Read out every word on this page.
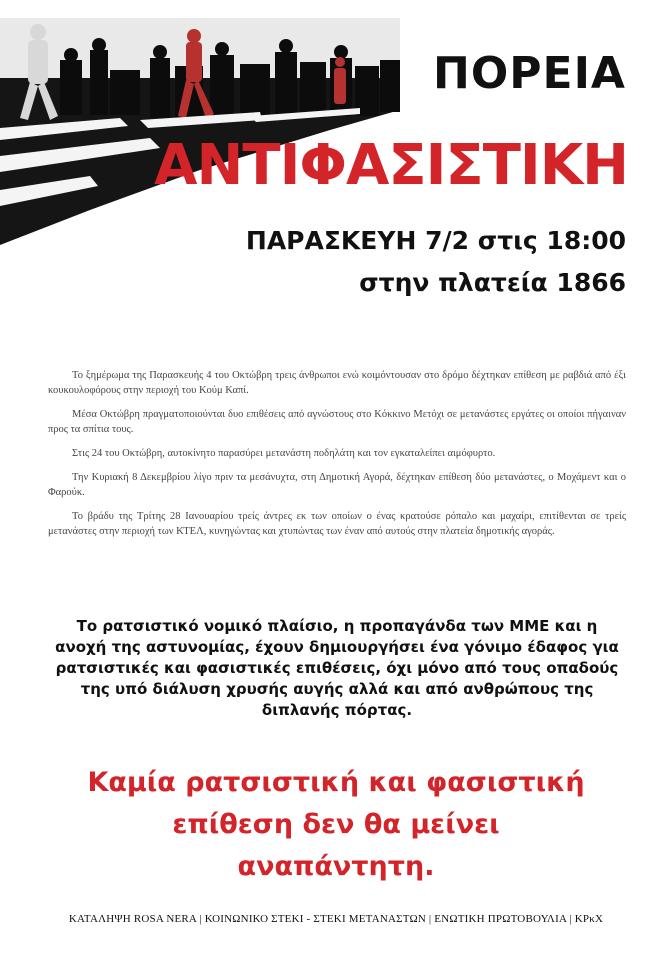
ΠΟΡΕΙΑ
ΑΝΤΙΦΑΣΙΣΤΙΚΗ
ΠΑΡΑΣΚΕΥΗ 7/2 στις 18:00
στην πλατεία 1866

Το ξημέρωμα της Παρασκευής 4 του Οκτώβρη τρεις άνθρωποι ενώ κοιμόντουσαν στο δρόμο δέχτηκαν επίθεση με ραβδιά από έξι κουκουλοφόρους στην περιοχή του Κούμ Καπί.

Μέσα Οκτώβρη πραγματοποιούνται δυο επιθέσεις από αγνώστους στο Κόκκινο Μετόχι σε μετανάστες εργάτες οι οποίοι πήγαιναν προς τα σπίτια τους.

Στις 24 του Οκτώβρη, αυτοκίνητο παρασύρει μετανάστη ποδηλάτη και τον εγκαταλείπει αιμόφυρτο.

Την Κυριακή 8 Δεκεμβρίου λίγο πριν τα μεσάνυχτα, στη Δημοτική Αγορά, δέχτηκαν επίθεση δύο μετανάστες, ο Μοχάμεντ και ο Φαρούκ.

Το βράδυ της Τρίτης 28 Ιανουαρίου τρείς άντρες εκ των οποίων ο ένας κρατούσε ρόπαλο και μαχαίρι, επιτίθενται σε τρείς μετανάστες στην περιοχή των ΚΤΕΛ, κυνηγώντας και χτυπώντας των έναν από αυτούς στην πλατεία δημοτικής αγοράς.

Το ρατσιστικό νομικό πλαίσιο, η προπαγάνδα των ΜΜΕ και η ανοχή της αστυνομίας, έχουν δημιουργήσει ένα γόνιμο έδαφος για ρατσιστικές και φασιστικές επιθέσεις, όχι μόνο από τους οπαδούς της υπό διάλυση χρυσής αυγής αλλά και από ανθρώπους της διπλανής πόρτας.

Καμία ρατσιστική και φασιστική
επίθεση δεν θα μείνει
αναπάντητη.
ΚΑΤΑΛΗΨΗ ROSA NERA | ΚΟΙΝΩΝΙΚΟ ΣΤΕΚΙ - ΣΤΕΚΙ ΜΕΤΑΝΑΣΤΩΝ | ΕΝΩΤΙΚΗ ΠΡΩΤΟΒΟΥΛΙΑ | ΚΡκΧ
